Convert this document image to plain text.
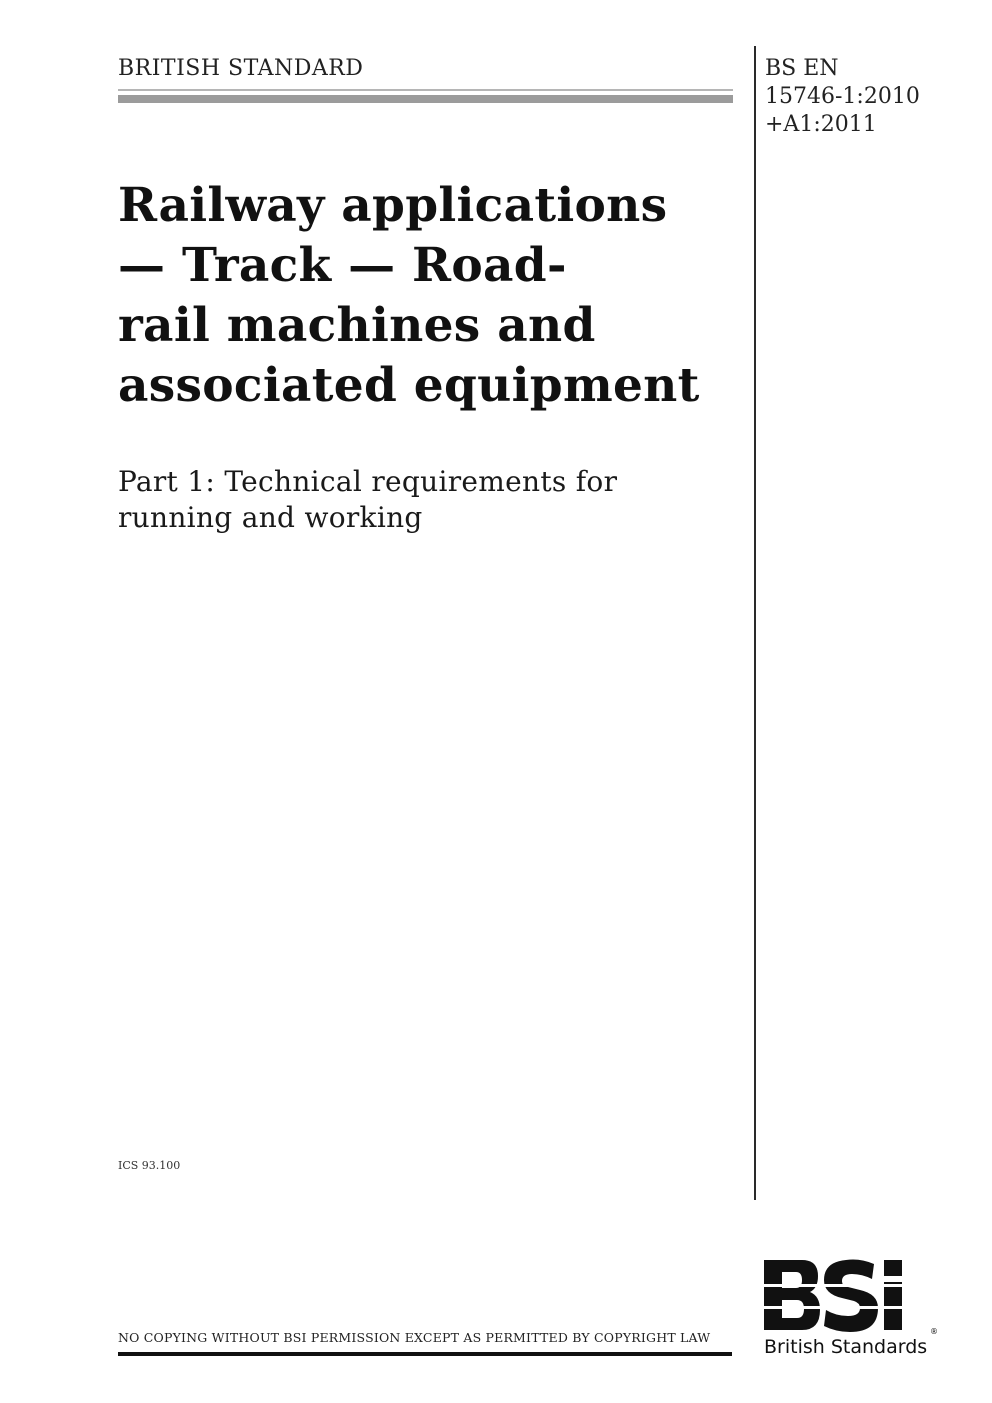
BRITISH STANDARD	BS EN
15746-1:2010
+A1:2011
Railway applications
— Track — Road-
rail machines and
associated equipment
Part 1: Technical requirements for
running and working
ICS 93.100
NO COPYING WITHOUT BSI PERMISSION EXCEPT AS PERMITTED BY COPYRIGHT LAW	®
British Standards
